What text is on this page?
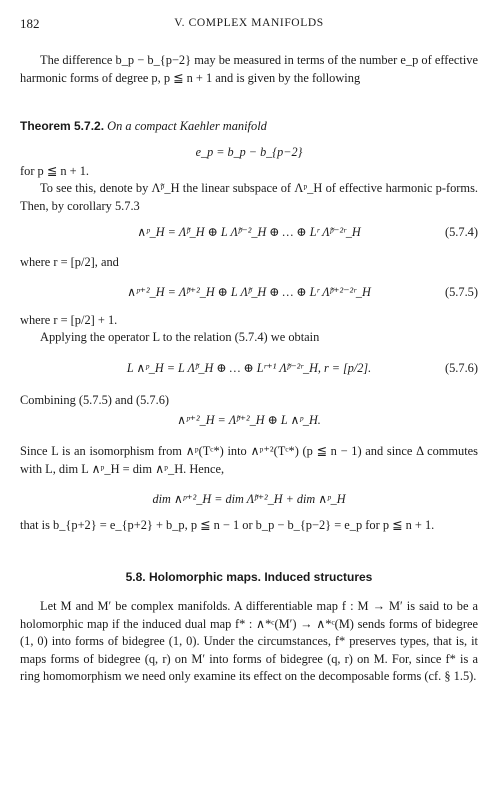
182	V. COMPLEX MANIFOLDS

The difference b_p − b_{p−2} may be measured in terms of the number e_p of effective harmonic forms of degree p, p ≦ n + 1 and is given by the following

Theorem 5.7.2. On a compact Kaehler manifold

e_p = b_p − b_{p−2}

for p ≦ n + 1.

To see this, denote by Λ̃ᵖ_H the linear subspace of Λᵖ_H of effective harmonic p-forms. Then, by corollary 5.7.3

∧ᵖ_H = Λ̃ᵖ_H ⊕ L Λ̃ᵖ⁻²_H ⊕ … ⊕ Lʳ Λ̃ᵖ⁻²ʳ_H	(5.7.4)

where r = [p/2], and

∧ᵖ⁺²_H = Λ̃ᵖ⁺²_H ⊕ L Λ̃ᵖ_H ⊕ … ⊕ Lʳ Λ̃ᵖ⁺²⁻²ʳ_H	(5.7.5)

where r = [p/2] + 1.

Applying the operator L to the relation (5.7.4) we obtain

L ∧ᵖ_H = L Λ̃ᵖ_H ⊕ … ⊕ Lʳ⁺¹ Λ̃ᵖ⁻²ʳ_H, r = [p/2].	(5.7.6)

Combining (5.7.5) and (5.7.6)

∧ᵖ⁺²_H = Λ̃ᵖ⁺²_H ⊕ L ∧ᵖ_H.

Since L is an isomorphism from ∧ᵖ(Tᶜ*) into ∧ᵖ⁺²(Tᶜ*) (p ≦ n − 1) and since Δ commutes with L, dim L ∧ᵖ_H = dim ∧ᵖ_H. Hence,

dim ∧ᵖ⁺²_H = dim Λ̃ᵖ⁺²_H + dim ∧ᵖ_H

that is b_{p+2} = e_{p+2} + b_p, p ≦ n − 1 or b_p − b_{p−2} = e_p for p ≦ n + 1.

5.8. Holomorphic maps. Induced structures

Let M and M′ be complex manifolds. A differentiable map f : M → M′ is said to be a holomorphic map if the induced dual map f* : ∧*ᶜ(M′) → ∧*ᶜ(M) sends forms of bidegree (1, 0) into forms of bidegree (1, 0). Under the circumstances, f* preserves types, that is, it maps forms of bidegree (q, r) on M′ into forms of bidegree (q, r) on M. For, since f* is a ring homomorphism we need only examine its effect on the decomposable forms (cf. § 1.5).
